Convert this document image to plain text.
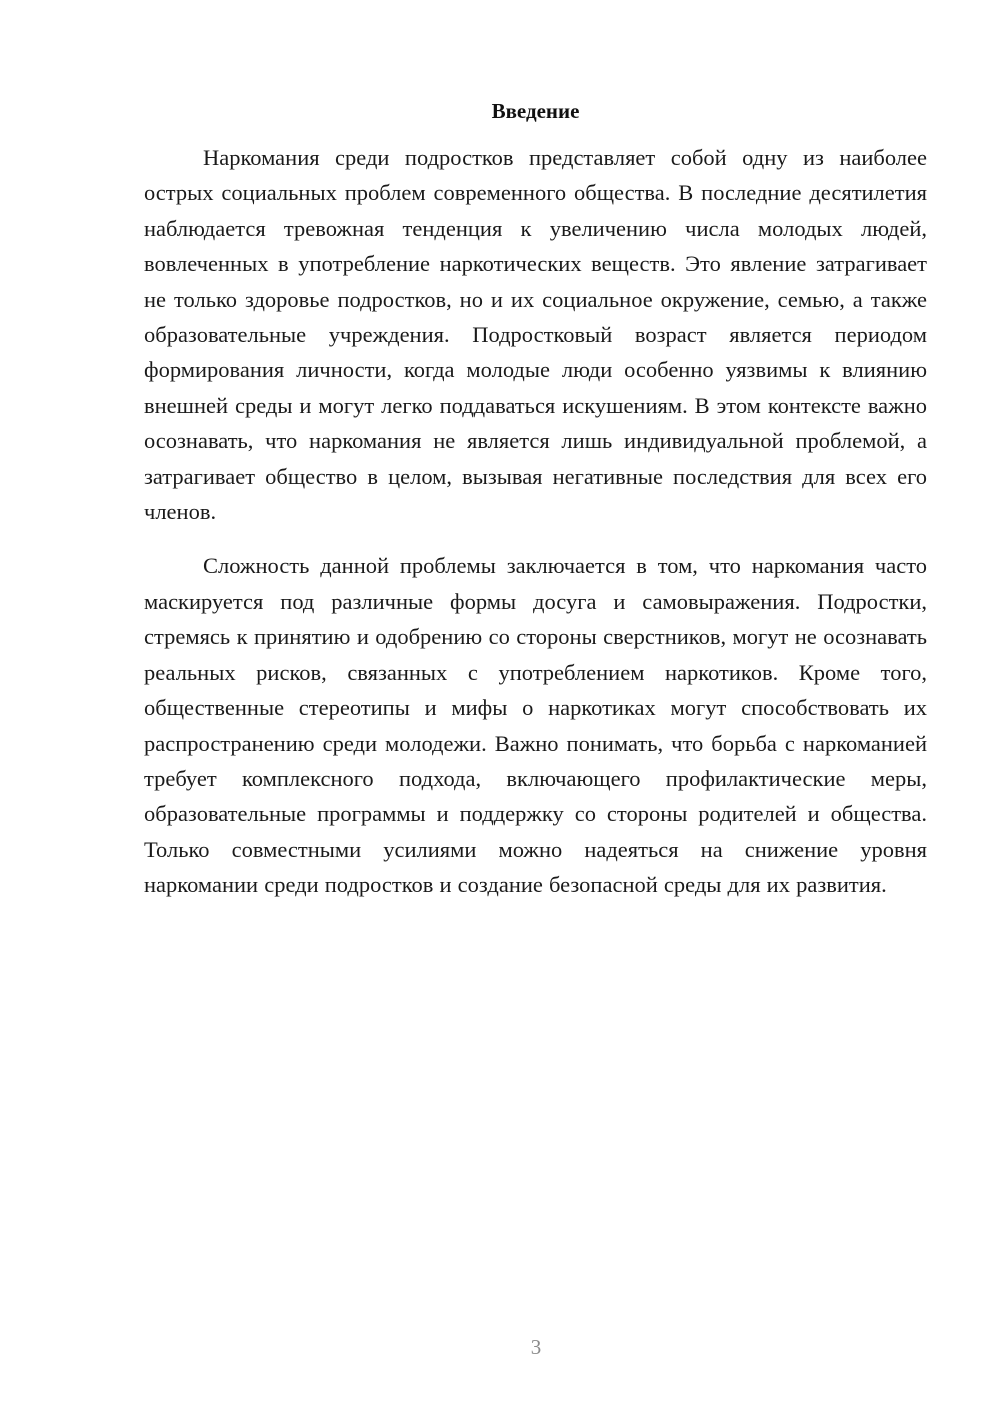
Введение

Наркомания среди подростков представляет собой одну из наиболее острых социальных проблем современного общества. В последние десятилетия наблюдается тревожная тенденция к увеличению числа молодых людей, вовлеченных в употребление наркотических веществ. Это явление затрагивает не только здоровье подростков, но и их социальное окружение, семью, а также образовательные учреждения. Подростковый возраст является периодом формирования личности, когда молодые люди особенно уязвимы к влиянию внешней среды и могут легко поддаваться искушениям. В этом контексте важно осознавать, что наркомания не является лишь индивидуальной проблемой, а затрагивает общество в целом, вызывая негативные последствия для всех его членов.

Сложность данной проблемы заключается в том, что наркомания часто маскируется под различные формы досуга и самовыражения. Подростки, стремясь к принятию и одобрению со стороны сверстников, могут не осознавать реальных рисков, связанных с употреблением наркотиков. Кроме того, общественные стереотипы и мифы о наркотиках могут способствовать их распространению среди молодежи. Важно понимать, что борьба с наркоманией требует комплексного подхода, включающего профилактические меры, образовательные программы и поддержку со стороны родителей и общества. Только совместными усилиями можно надеяться на снижение уровня наркомании среди подростков и создание безопасной среды для их развития.

3
